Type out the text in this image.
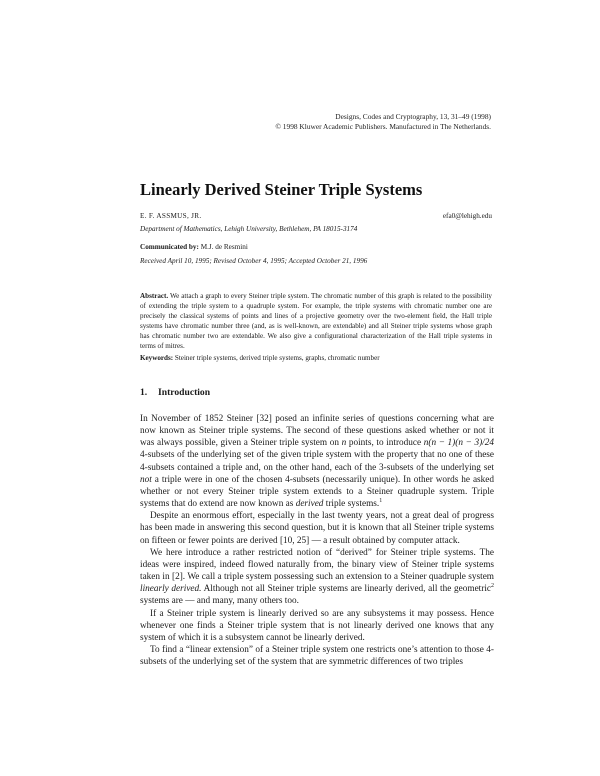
Designs, Codes and Cryptography, 13, 31–49 (1998)
© 1998 Kluwer Academic Publishers. Manufactured in The Netherlands.
Linearly Derived Steiner Triple Systems
E. F. ASSMUS, JR.	efa0@lehigh.edu
Department of Mathematics, Lehigh University, Bethlehem, PA 18015-3174
Communicated by: M.J. de Resmini
Received April 10, 1995; Revised October 4, 1995; Accepted October 21, 1996
Abstract. We attach a graph to every Steiner triple system. The chromatic number of this graph is related to the possibility of extending the triple system to a quadruple system. For example, the triple systems with chromatic number one are precisely the classical systems of points and lines of a projective geometry over the two-element field, the Hall triple systems have chromatic number three (and, as is well-known, are extendable) and all Steiner triple systems whose graph has chromatic number two are extendable. We also give a configurational characterization of the Hall triple systems in terms of mitres.
Keywords: Steiner triple systems, derived triple systems, graphs, chromatic number
1. Introduction

In November of 1852 Steiner [32] posed an infinite series of questions concerning what are now known as Steiner triple systems. The second of these questions asked whether or not it was always possible, given a Steiner triple system on n points, to introduce n(n − 1)(n − 3)/24 4-subsets of the underlying set of the given triple system with the property that no one of these 4-subsets contained a triple and, on the other hand, each of the 3-subsets of the underlying set not a triple were in one of the chosen 4-subsets (necessarily unique). In other words he asked whether or not every Steiner triple system extends to a Steiner quadruple system. Triple systems that do extend are now known as derived triple systems.$^1$

Despite an enormous effort, especially in the last twenty years, not a great deal of progress has been made in answering this second question, but it is known that all Steiner triple systems on fifteen or fewer points are derived [10, 25] — a result obtained by computer attack.

We here introduce a rather restricted notion of “derived” for Steiner triple systems. The ideas were inspired, indeed flowed naturally from, the binary view of Steiner triple systems taken in [2]. We call a triple system possessing such an extension to a Steiner quadruple system linearly derived. Although not all Steiner triple systems are linearly derived, all the geometric$^2$ systems are — and many, many others too.

If a Steiner triple system is linearly derived so are any subsystems it may possess. Hence whenever one finds a Steiner triple system that is not linearly derived one knows that any system of which it is a subsystem cannot be linearly derived.

To find a “linear extension” of a Steiner triple system one restricts one’s attention to those 4-subsets of the underlying set of the system that are symmetric differences of two triples
